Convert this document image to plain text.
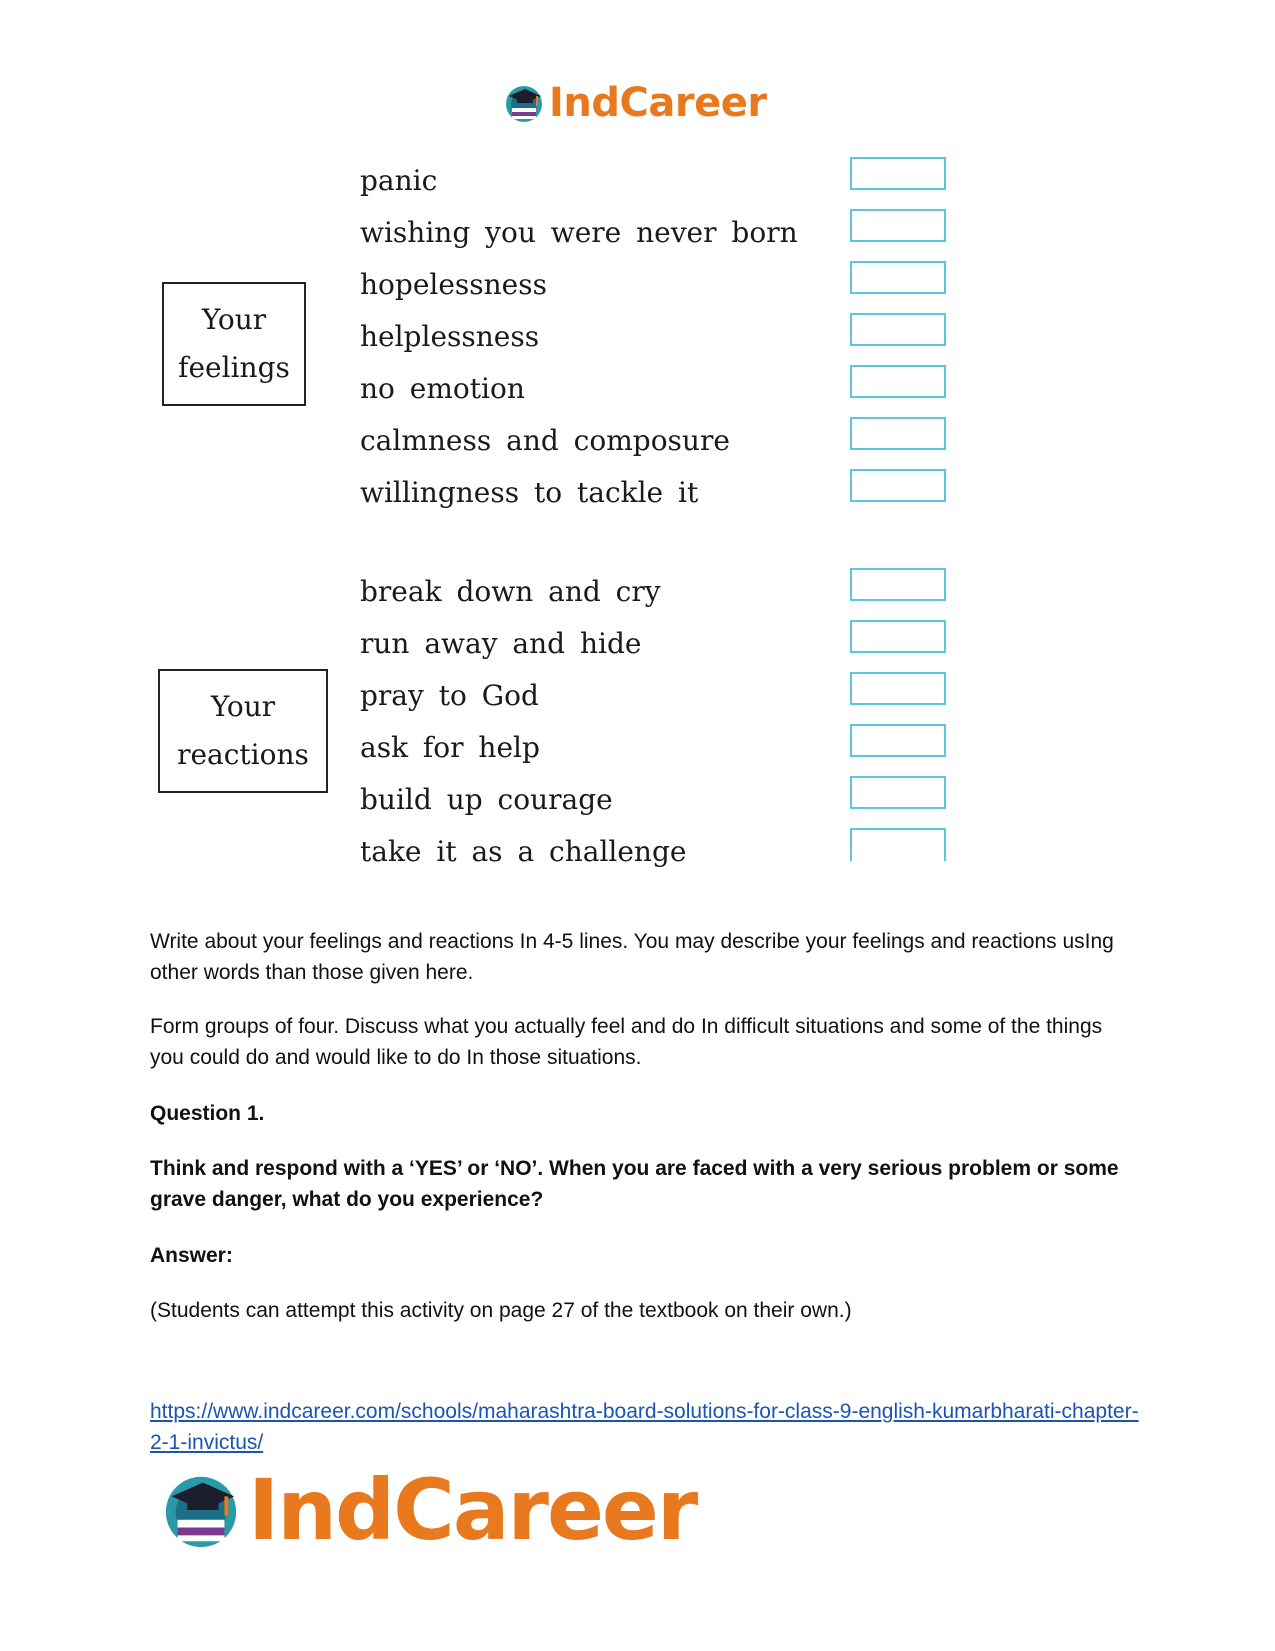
IndCareer
Your
feelings
panic
wishing you were never born
hopelessness
helplessness
no emotion
calmness and composure
willingness to tackle it
Your
reactions
break down and cry
run away and hide
pray to God
ask for help
build up courage
take it as a challenge

Write about your feelings and reactions In 4-5 lines. You may describe your feelings and reactions usIng other words than those given here.

Form groups of four. Discuss what you actually feel and do In difficult situations and some of the things you could do and would like to do In those situations.

Question 1.

Think and respond with a ‘YES’ or ‘NO’. When you are faced with a very serious problem or some grave danger, what do you experience?

Answer:

(Students can attempt this activity on page 27 of the textbook on their own.)

https://www.indcareer.com/schools/maharashtra-board-solutions-for-class-9-english-kumarbharati-chapter-2-1-invictus/
IndCareer
